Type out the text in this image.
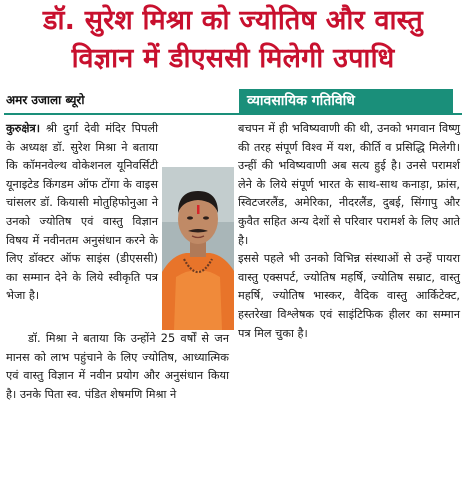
डॉ. सुरेश मिश्रा को ज्योतिष और वास्तु
विज्ञान में डीएससी मिलेगी उपाधि
अमर उजाला ब्यूरो	व्यावसायिक गतिविधि

कुरुक्षेत्र। श्री दुर्गा देवी मंदिर पिपली के अध्यक्ष डॉ. सुरेश मिश्रा ने बताया कि कॉमनवेल्थ वोकेशनल यूनिवर्सिटी यूनाइटेड किंगडम ऑफ टोंगा के वाइस चांसलर डॉ. कियासी मोतुहिफोनुआ ने उनको ज्योतिष एवं वास्तु विज्ञान विषय में नवीनतम अनुसंधान करने के लिए डॉक्टर ऑफ साइंस (डीएससी) का सम्मान देने के लिये स्वीकृति पत्र भेजा है।

डॉ. मिश्रा ने बताया कि उन्होंने 25 वर्षों से जन मानस को लाभ पहुंचाने के लिए ज्योतिष, आध्यात्मिक एवं वास्तु विज्ञान में नवीन प्रयोग और अनुसंधान किया है। उनके पिता स्व. पंडित शेषमणि मिश्रा ने

बचपन में ही भविष्यवाणी की थी, उनको भगवान विष्णु की तरह संपूर्ण विश्व में यश, कीर्ति व प्रसिद्धि मिलेगी। उन्हीं की भविष्यवाणी अब सत्य हुई है। उनसे परामर्श लेने के लिये संपूर्ण भारत के साथ-साथ कनाड़ा, फ्रांस, स्विटजरलैंड, अमेरिका, नीदरलैंड, दुबई, सिंगापु और कुवैत सहित अन्य देशों से परिवार परामर्श के लिए आते है।

इससे पहले भी उनको विभिन्न संस्थाओं से उन्हें पायरा वास्तु एक्सपर्ट, ज्योतिष महर्षि, ज्योतिष सम्राट, वास्तु महर्षि, ज्योतिष भास्कर, वैदिक वास्तु आर्किटेक्ट, हस्तरेखा विश्लेषक एवं साइंटिफिक हीलर का सम्मान पत्र मिल चुका है।
